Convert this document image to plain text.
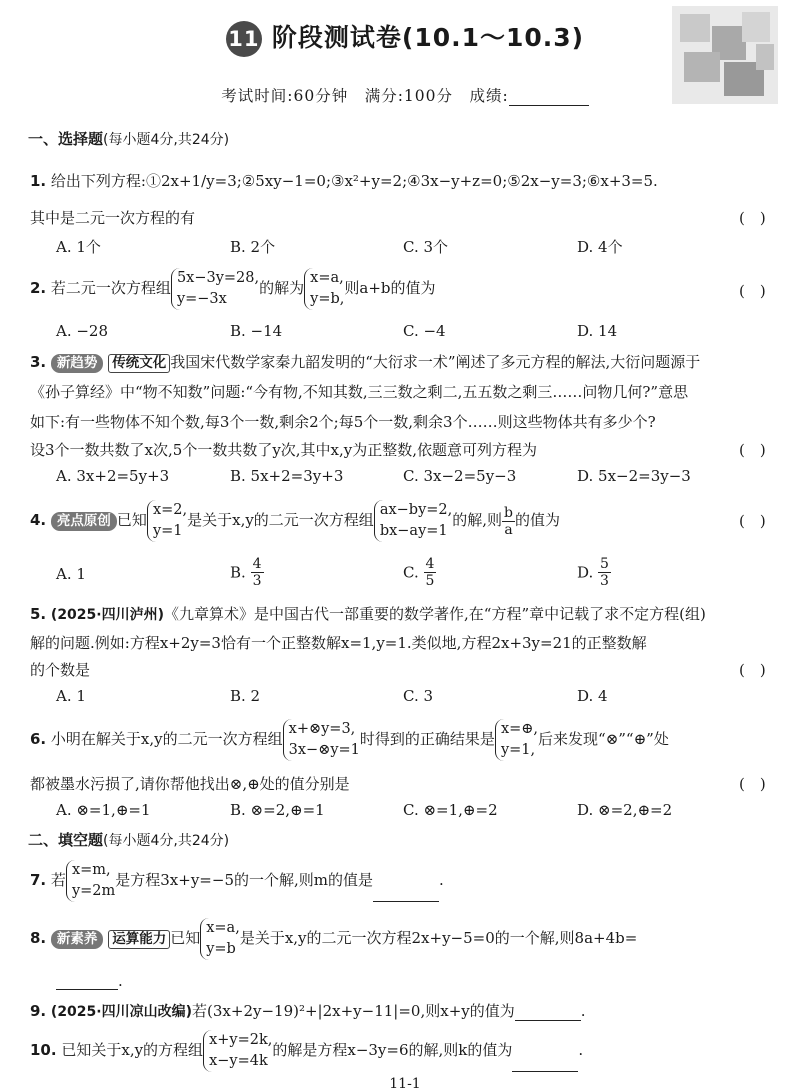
11 阶段测试卷(10.1～10.3)
考试时间:60分钟　满分:100分　成绩:
一、选择题(每小题4分,共24分)
1. 给出下列方程:①2x+1/y=3;②5xy−1=0;③x²+y=2;④3x−y+z=0;⑤2x−y=3;⑥x+3=5.
其中是二元一次方程的有	(　)
A. 1个	B. 2个	C. 3个	D. 4个
2. 若二元一次方程组
5x−3y=28,
y=−3x
的解为
x=a,
y=b,
则a+b的值为	(　)
A. −28	B. −14	C. −4	D. 14
3. 新趋势 传统文化 我国宋代数学家秦九韶发明的“大衍求一术”阐述了多元方程的解法,大衍问题源于
《孙子算经》中“物不知数”问题:“今有物,不知其数,三三数之剩二,五五数之剩三……问物几何?”意思
如下:有一些物体不知个数,每3个一数,剩余2个;每5个一数,剩余3个……则这些物体共有多少个?
设3个一数共数了x次,5个一数共数了y次,其中x,y为正整数,依题意可列方程为	(　)
A. 3x+2=5y+3	B. 5x+2=3y+3	C. 3x−2=5y−3	D. 5x−2=3y−3
4. 亮点原创 已知
x=2,
y=1
是关于x,y的二元一次方程组
ax−by=2,
bx−ay=1
的解,则 $\frac{b}{a}$ 的值为	(　)
A. 1	B. $\frac{4}{3}$	C. $\frac{4}{5}$	D. $\frac{5}{3}$
5. (2025·四川泸州)《九章算术》是中国古代一部重要的数学著作,在“方程”章中记载了求不定方程(组)
解的问题.例如:方程x+2y=3恰有一个正整数解x=1,y=1.类似地,方程2x+3y=21的正整数解
的个数是	(　)
A. 1	B. 2	C. 3	D. 4
6. 小明在解关于x,y的二元一次方程组
x+⊗y=3,
3x−⊗y=1
时得到的正确结果是
x=⊕,
y=1,
后来发现“⊗”“⊕”处
都被墨水污损了,请你帮他找出⊗,⊕处的值分别是	(　)
A. ⊗=1,⊕=1	B. ⊗=2,⊕=1	C. ⊗=1,⊕=2	D. ⊗=2,⊕=2
二、填空题(每小题4分,共24分)
7. 若
x=m,
y=2m
是方程3x+y=−5的一个解,则m的值是	.
8. 新素养 运算能力 已知
x=a,
y=b
是关于x,y的二元一次方程2x+y−5=0的一个解,则8a+4b=
.
9. (2025·四川凉山改编)若(3x+2y−19)²+|2x+y−11|=0,则x+y的值为	.
10. 已知关于x,y的方程组
x+y=2k,
x−y=4k
的解是方程x−3y=6的解,则k的值为	.
11-1
